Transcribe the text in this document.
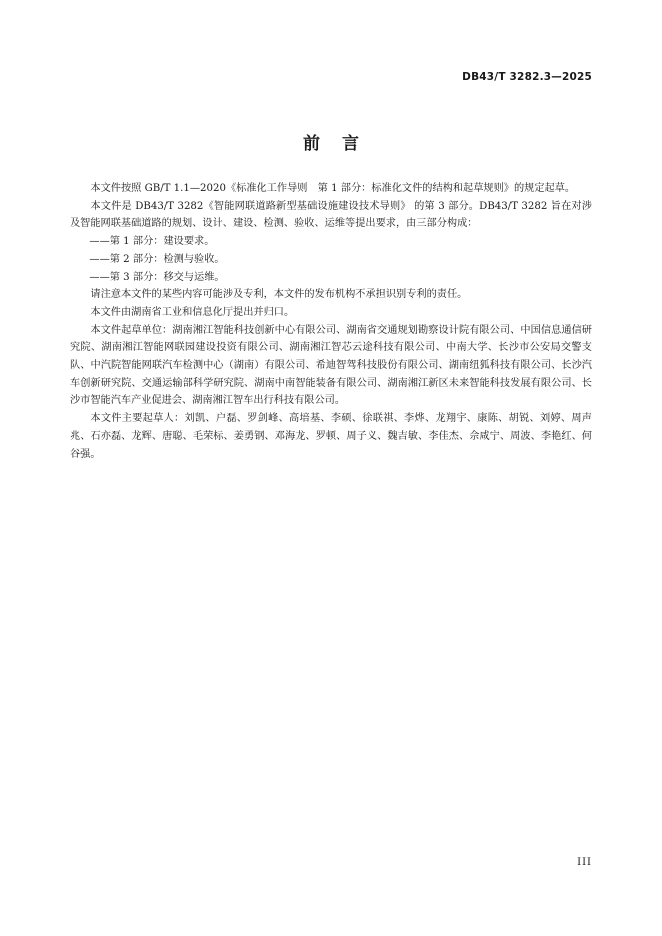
DB43/T 3282.3—2025
前言

本文件按照 GB/T 1.1—2020《标准化工作导则　第 1 部分：标准化文件的结构和起草规则》的规定起草。

本文件是 DB43/T 3282《智能网联道路新型基础设施建设技术导则》 的第 3 部分。DB43/T 3282 旨在对涉及智能网联基础道路的规划、设计、建设、检测、验收、运维等提出要求，由三部分构成：

——第 1 部分：建设要求。

——第 2 部分：检测与验收。

——第 3 部分：移交与运维。

请注意本文件的某些内容可能涉及专利，本文件的发布机构不承担识别专利的责任。

本文件由湖南省工业和信息化厅提出并归口。

本文件起草单位：湖南湘江智能科技创新中心有限公司、湖南省交通规划勘察设计院有限公司、中国信息通信研究院、湖南湘江智能网联园建设投资有限公司、湖南湘江智芯云途科技有限公司、中南大学、长沙市公安局交警支队、中汽院智能网联汽车检测中心（湖南）有限公司、希迪智驾科技股份有限公司、湖南纽狐科技有限公司、长沙汽车创新研究院、交通运输部科学研究院、湖南中南智能装备有限公司、湖南湘江新区未来智能科技发展有限公司、长沙市智能汽车产业促进会、湖南湘江智车出行科技有限公司。

本文件主要起草人：刘凯、户磊、罗剑峰、高培基、李硕、徐联祺、李烨、龙翔宇、康陈、胡锐、刘婷、周声兆、石亦磊、龙辉、唐聪、毛荣标、姜勇钢、邓海龙、罗顿、周子义、魏吉敏、李佳杰、佘咸宁、周波、李艳红、何谷强。

III
